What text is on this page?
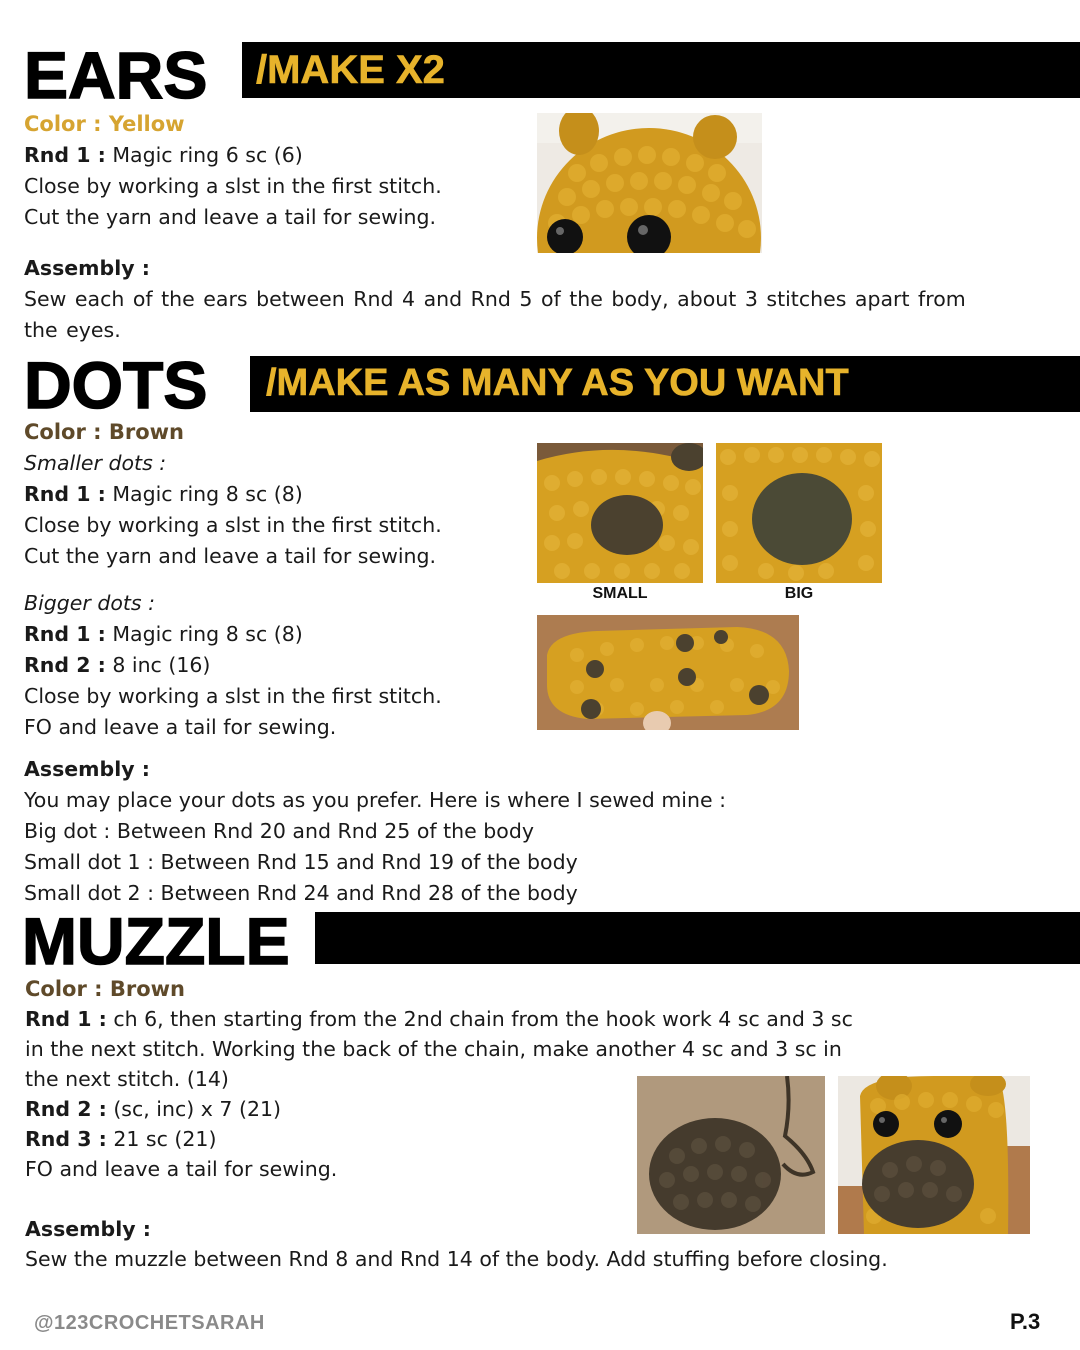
EARS /MAKE X2
Color : Yellow
Rnd 1 : Magic ring 6 sc (6)
Close by working a slst in the first stitch.
Cut the yarn and leave a tail for sewing.
Assembly :
Sew each of the ears between Rnd 4 and Rnd 5 of the body, about 3 stitches apart from the eyes.
DOTS /MAKE AS MANY AS YOU WANT
Color : Brown
Smaller dots :
Rnd 1 : Magic ring 8 sc (8)
Close by working a slst in the first stitch.
Cut the yarn and leave a tail for sewing.
Bigger dots :
Rnd 1 : Magic ring 8 sc (8)
Rnd 2 : 8 inc (16)
Close by working a slst in the first stitch.
FO and leave a tail for sewing.
SMALL	BIG
Assembly :
You may place your dots as you prefer. Here is where I sewed mine :
Big dot : Between Rnd 20 and Rnd 25 of the body
Small dot 1 : Between Rnd 15 and Rnd 19 of the body
Small dot 2 : Between Rnd 24 and Rnd 28 of the body
MUZZLE
Color : Brown
Rnd 1 : ch 6, then starting from the 2nd chain from the hook work 4 sc and 3 sc
in the next stitch. Working the back of the chain, make another 4 sc and 3 sc in
the next stitch. (14)
Rnd 2 : (sc, inc) x 7 (21)
Rnd 3 : 21 sc (21)
FO and leave a tail for sewing.
Assembly :
Sew the muzzle between Rnd 8 and Rnd 14 of the body. Add stuffing before closing.
@123CROCHETSARAH	P.3
